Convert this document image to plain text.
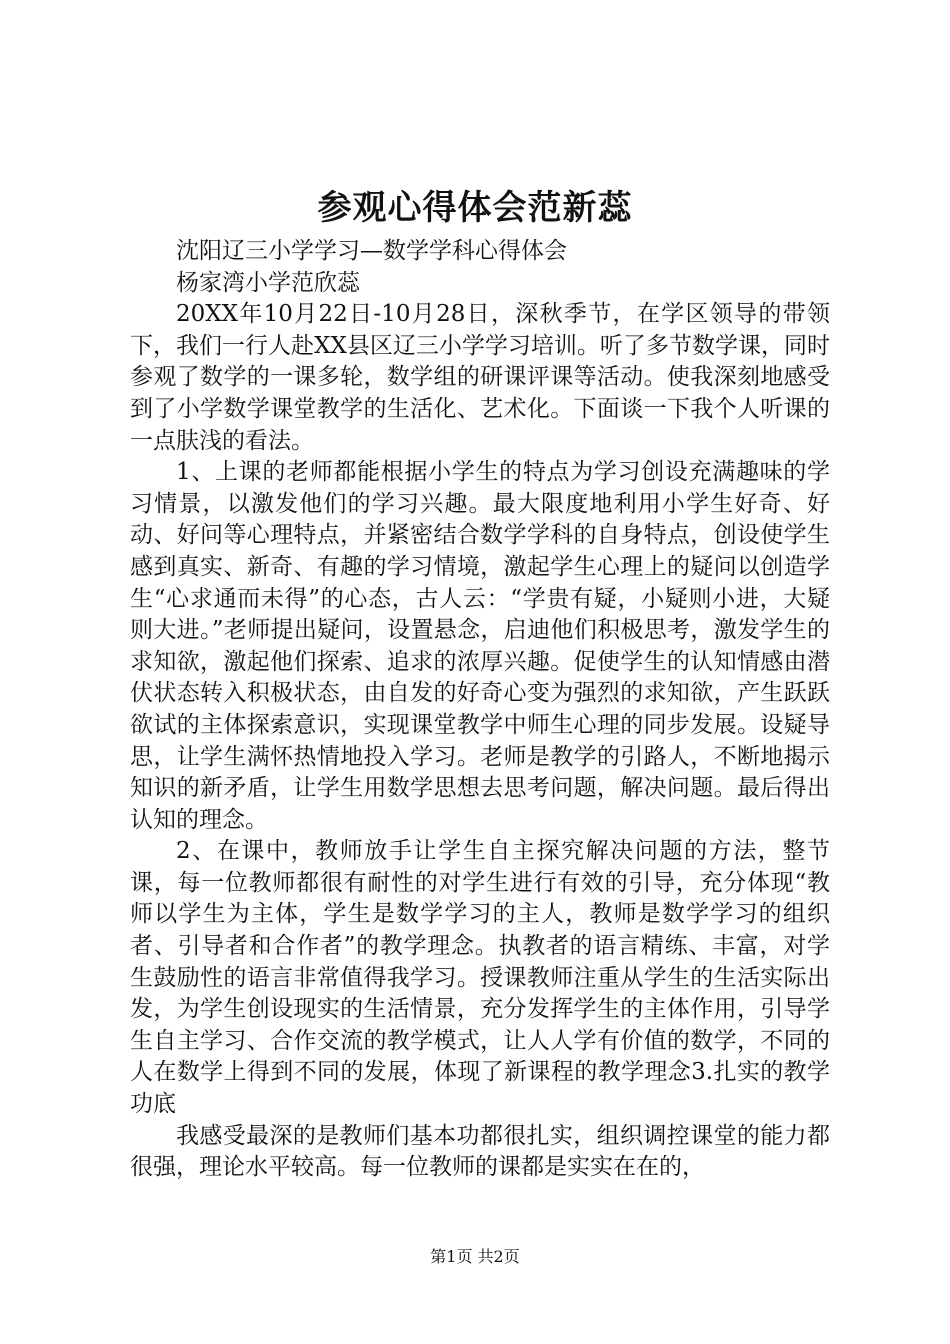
参观心得体会范新蕊

沈阳辽三小学学习—数学学科心得体会

杨家湾小学范欣蕊

20XX年10月22日-10月28日，深秋季节，在学区领导的带领下，我们一行人赴XX县区辽三小学学习培训。听了多节数学课，同时参观了数学的一课多轮，数学组的研课评课等活动。使我深刻地感受到了小学数学课堂教学的生活化、艺术化。下面谈一下我个人听课的一点肤浅的看法。

1、上课的老师都能根据小学生的特点为学习创设充满趣味的学习情景，以激发他们的学习兴趣。最大限度地利用小学生好奇、好动、好问等心理特点，并紧密结合数学学科的自身特点，创设使学生感到真实、新奇、有趣的学习情境，激起学生心理上的疑问以创造学生“心求通而未得”的心态，古人云：“学贵有疑，小疑则小进，大疑则大进。”老师提出疑问，设置悬念，启迪他们积极思考，激发学生的求知欲，激起他们探索、追求的浓厚兴趣。促使学生的认知情感由潜伏状态转入积极状态，由自发的好奇心变为强烈的求知欲，产生跃跃欲试的主体探索意识，实现课堂教学中师生心理的同步发展。设疑导思，让学生满怀热情地投入学习。老师是教学的引路人，不断地揭示知识的新矛盾，让学生用数学思想去思考问题，解决问题。最后得出认知的理念。

2、在课中，教师放手让学生自主探究解决问题的方法，整节课，每一位教师都很有耐性的对学生进行有效的引导，充分体现“教师以学生为主体，学生是数学学习的主人，教师是数学学习的组织者、引导者和合作者”的教学理念。执教者的语言精练、丰富，对学生鼓励性的语言非常值得我学习。授课教师注重从学生的生活实际出发，为学生创设现实的生活情景，充分发挥学生的主体作用，引导学生自主学习、合作交流的教学模式，让人人学有价值的数学，不同的人在数学上得到不同的发展，体现了新课程的教学理念3.扎实的教学功底

我感受最深的是教师们基本功都很扎实，组织调控课堂的能力都很强，理论水平较高。每一位教师的课都是实实在在的，

第1页 共2页
